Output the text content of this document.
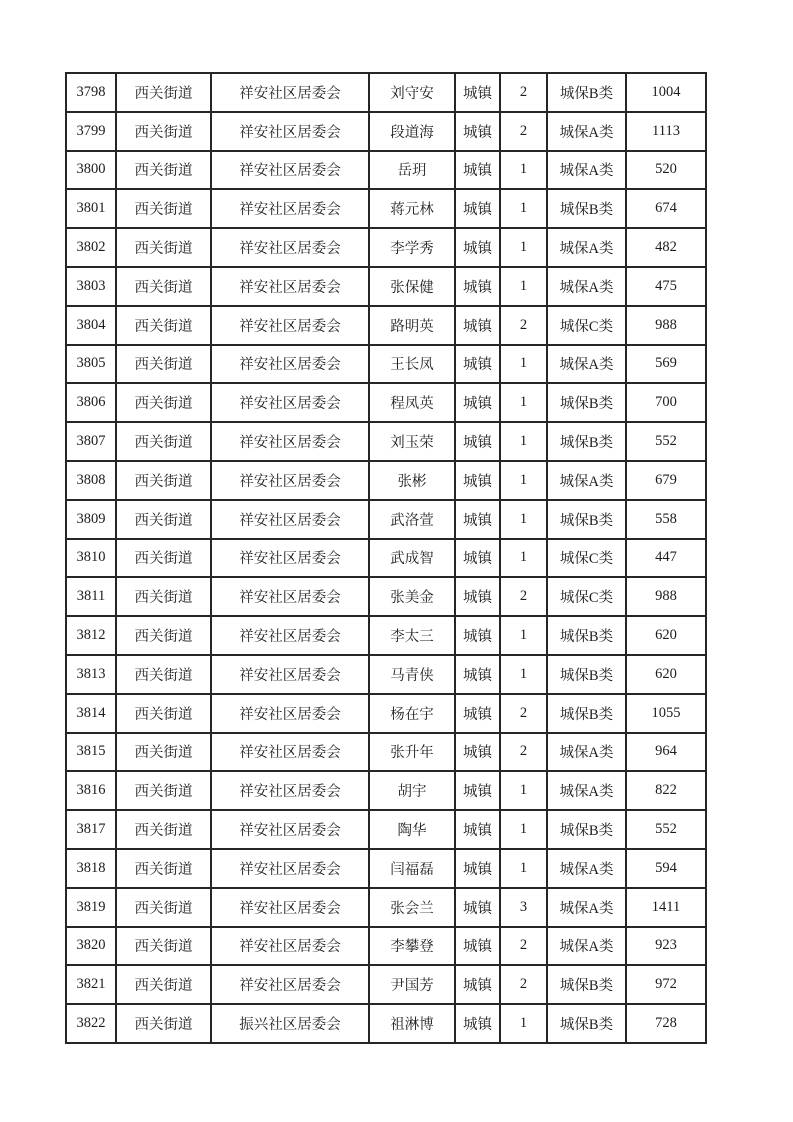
3798	西关街道	祥安社区居委会	刘守安	城镇	2	城保B类	1004
3799	西关街道	祥安社区居委会	段道海	城镇	2	城保A类	1113
3800	西关街道	祥安社区居委会	岳玥	城镇	1	城保A类	520
3801	西关街道	祥安社区居委会	蒋元林	城镇	1	城保B类	674
3802	西关街道	祥安社区居委会	李学秀	城镇	1	城保A类	482
3803	西关街道	祥安社区居委会	张保健	城镇	1	城保A类	475
3804	西关街道	祥安社区居委会	路明英	城镇	2	城保C类	988
3805	西关街道	祥安社区居委会	王长凤	城镇	1	城保A类	569
3806	西关街道	祥安社区居委会	程凤英	城镇	1	城保B类	700
3807	西关街道	祥安社区居委会	刘玉荣	城镇	1	城保B类	552
3808	西关街道	祥安社区居委会	张彬	城镇	1	城保A类	679
3809	西关街道	祥安社区居委会	武洛萱	城镇	1	城保B类	558
3810	西关街道	祥安社区居委会	武成智	城镇	1	城保C类	447
3811	西关街道	祥安社区居委会	张美金	城镇	2	城保C类	988
3812	西关街道	祥安社区居委会	李太三	城镇	1	城保B类	620
3813	西关街道	祥安社区居委会	马青侠	城镇	1	城保B类	620
3814	西关街道	祥安社区居委会	杨在宇	城镇	2	城保B类	1055
3815	西关街道	祥安社区居委会	张升年	城镇	2	城保A类	964
3816	西关街道	祥安社区居委会	胡宇	城镇	1	城保A类	822
3817	西关街道	祥安社区居委会	陶华	城镇	1	城保B类	552
3818	西关街道	祥安社区居委会	闫福磊	城镇	1	城保A类	594
3819	西关街道	祥安社区居委会	张会兰	城镇	3	城保A类	1411
3820	西关街道	祥安社区居委会	李攀登	城镇	2	城保A类	923
3821	西关街道	祥安社区居委会	尹国芳	城镇	2	城保B类	972
3822	西关街道	振兴社区居委会	祖淋博	城镇	1	城保B类	728
